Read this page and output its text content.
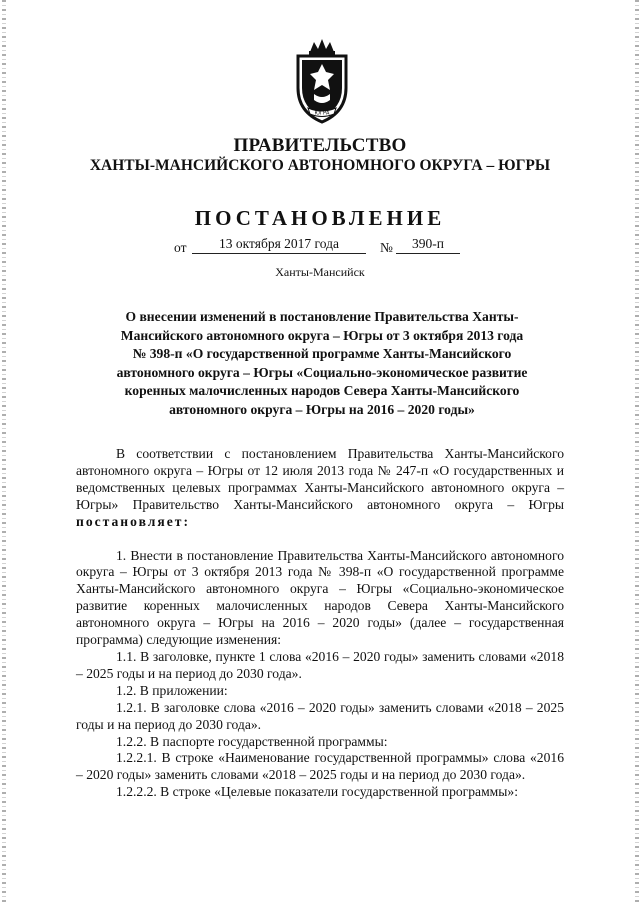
ЮГРА
ПРАВИТЕЛЬСТВО
ХАНТЫ-МАНСИЙСКОГО АВТОНОМНОГО ОКРУГА – ЮГРЫ
ПОСТАНОВЛЕНИЕ
от	13 октября 2017 года	№	390-п
Ханты-Мансийск
О внесении изменений в постановление Правительства Ханты-
Мансийского автономного округа – Югры от 3 октября 2013 года
№ 398-п «О государственной программе Ханты-Мансийского
автономного округа – Югры «Социально-экономическое развитие
коренных малочисленных народов Севера Ханты-Мансийского
автономного округа – Югры на 2016 – 2020 годы»

В соответствии с постановлением Правительства Ханты-Мансийского автономного округа – Югры от 12 июля 2013 года № 247-п «О государственных и ведомственных целевых программах Ханты-Мансийского автономного округа – Югры» Правительство Ханты-Мансийского автономного округа – Югры постановляет:

1. Внести в постановление Правительства Ханты-Мансийского автономного округа – Югры от 3 октября 2013 года № 398-п «О государственной программе Ханты-Мансийского автономного округа – Югры «Социально-экономическое развитие коренных малочисленных народов Севера Ханты-Мансийского автономного округа – Югры на 2016 – 2020 годы» (далее – государственная программа) следующие изменения:

1.1. В заголовке, пункте 1 слова «2016 – 2020 годы» заменить словами «2018 – 2025 годы и на период до 2030 года».

1.2. В приложении:

1.2.1. В заголовке слова «2016 – 2020 годы» заменить словами «2018 – 2025 годы и на период до 2030 года».

1.2.2. В паспорте государственной программы:

1.2.2.1. В строке «Наименование государственной программы» слова «2016 – 2020 годы» заменить словами «2018 – 2025 годы и на период до 2030 года».

1.2.2.2. В строке «Целевые показатели государственной программы»:
